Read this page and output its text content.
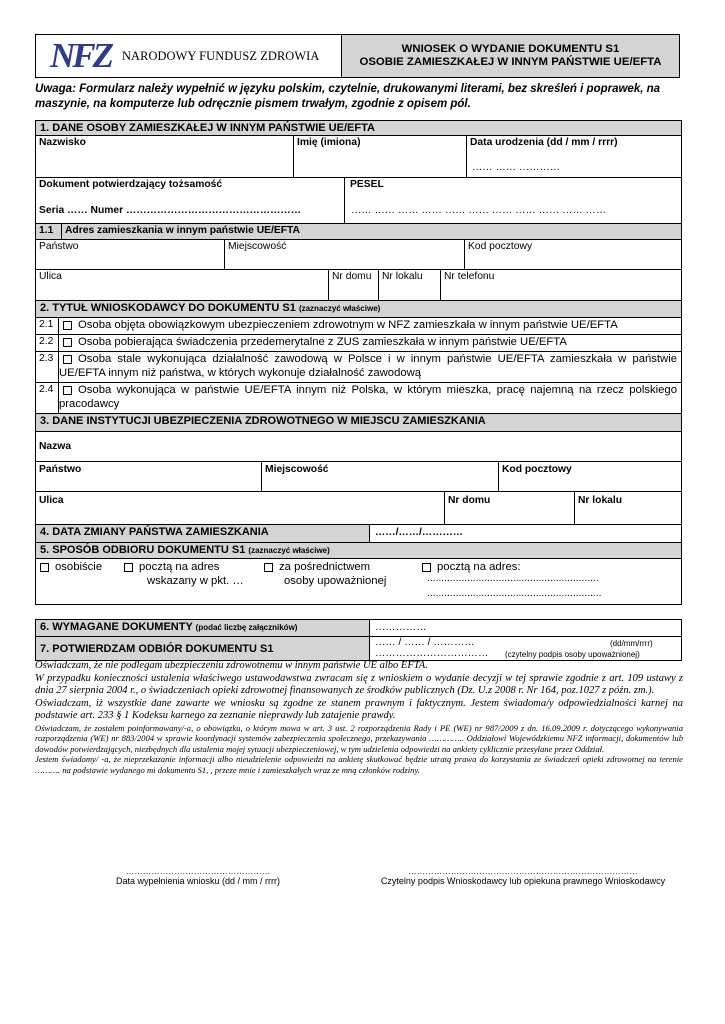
NFZ NARODOWY FUNDUSZ ZDROWIA	WNIOSEK O WYDANIE DOKUMENTU S1
OSOBIE ZAMIESZKAŁEJ W INNYM PAŃSTWIE UE/EFTA
Uwaga: Formularz należy wypełnić w języku polskim, czytelnie, drukowanymi literami, bez skreśleń i poprawek, na maszynie, na komputerze lub odręcznie pismem trwałym, zgodnie z opisem pól.
1. DANE OSOBY ZAMIESZKAŁEJ W INNYM PAŃSTWIE UE/EFTA
Nazwisko	Imię (imiona)	Data urodzenia (dd / mm / rrrr)
…… …… …………
Dokument potwierdzający tożsamość
Seria …… Numer ……………………………………………
PESEL
…… …… …… …… …… …… …… …… …… …… ……
1.1	Adres zamieszkania w innym państwie UE/EFTA
Państwo	Miejscowość	Kod pocztowy
Ulica	Nr domu	Nr lokalu	Nr telefonu
2. TYTUŁ WNIOSKODAWCY DO DOKUMENTU S1 (zaznaczyć właściwe)
2.1	Osoba objęta obowiązkowym ubezpieczeniem zdrowotnym w NFZ zamieszkała w innym państwie UE/EFTA
2.2	Osoba pobierająca świadczenia przedemerytalne z ZUS zamieszkała w innym państwie UE/EFTA
2.3	Osoba stale wykonująca działalność zawodową w Polsce i w innym państwie UE/EFTA zamieszkała w państwie UE/EFTA innym niż państwa, w których wykonuje działalność zawodową
2.4	Osoba wykonująca w państwie UE/EFTA innym niż Polska, w którym mieszka, pracę najemną na rzecz polskiego pracodawcy
3. DANE INSTYTUCJI UBEZPIECZENIA ZDROWOTNEGO W MIEJSCU ZAMIESZKANIA
Nazwa
Państwo	Miejscowość	Kod pocztowy
Ulica	Nr domu	Nr lokalu
4. DATA ZMIANY PAŃSTWA ZAMIESZKANIA	……/……/…………
5. SPOSÓB ODBIORU DOKUMENTU S1 (zaznaczyć właściwe)
osobiście	pocztą na adres
wskazany w pkt. …
za pośrednictwem
osoby upoważnionej
pocztą na adres:
............................................................
.............................................................
6. WYMAGANE DOKUMENTY (podać liczbę załączników)	……………
7. POTWIERDZAM ODBIÓR DOKUMENTU S1
…… / …… / …………	(dd/mm/rrrr)
…………………………… (czytelny podpis osoby upoważnionej)

Oświadczam, że nie podlegam ubezpieczeniu zdrowotnemu w innym państwie UE albo EFTA.

W przypadku konieczności ustalenia właściwego ustawodawstwa zwracam się z wnioskiem o wydanie decyzji w tej sprawie zgodnie z art. 109 ustawy z dnia 27 sierpnia 2004 r., o świadczeniach opieki zdrowotnej finansowanych ze środków publicznych (Dz. U.z 2008 r. Nr 164, poz.1027 z późn. zm.).

Oświadczam, iż wszystkie dane zawarte we wniosku są zgodne ze stanem prawnym i faktycznym. Jestem świadoma/y odpowiedzialności karnej na podstawie art. 233 § 1 Kodeksu karnego za zeznanie nieprawdy lub zatajenie prawdy.

Oświadczam, że zostałem poinformowany/-a, o obowiązku, o którym mowa w art. 3 ust. 2 rozporządzenia Rady i PE (WE) nr 987/2009 z dn. 16.09.2009 r. dotyczącego wykonywania rozporządzenia (WE) nr 883/2004 w sprawie koordynacji systemów zabezpieczenia społecznego, przekazywania ………….. Oddziałowi Wojewódzkiemu NFZ informacji, dokumentów lub dowodów potwierdzających, niezbędnych dla ustalenia mojej sytuacji ubezpieczeniowej, w tym udzielenia odpowiedzi na ankiety cyklicznie przesyłane przez Oddział.

Jestem świadomy/ -a, że nieprzekazanie informacji albo nieudzielenie odpowiedzi na ankietę skutkować będzie utratą prawa do korzystania ze świadczeń opieki zdrowotnej na terenie ………. na podstawie wydanego mi dokumentu S1, , przeze mnie i zamieszkałych wraz ze mną członków rodziny.

……………………………………………
Data wypełnienia wniosku (dd / mm / rrrr)
………………………………………………………………………
Czytelny podpis Wnioskodawcy lub opiekuna prawnego Wnioskodawcy
